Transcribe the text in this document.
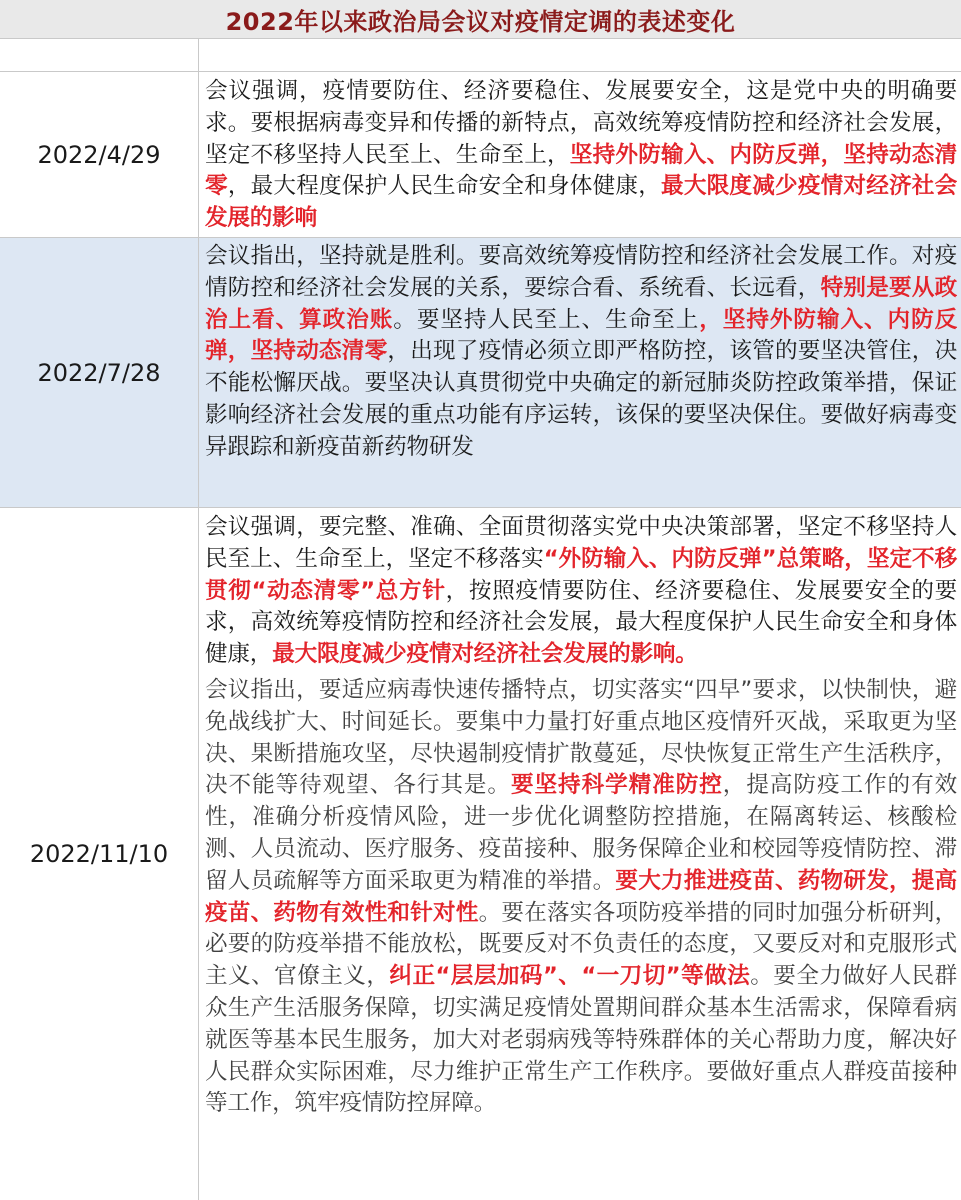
2022年以来政治局会议对疫情定调的表述变化
2022/4/29
会议强调，疫情要防住、经济要稳住、发展要安全，这是党中央的明确要求。要根据病毒变异和传播的新特点，高效统筹疫情防控和经济社会发展，坚定不移坚持人民至上、生命至上，坚持外防输入、内防反弹，坚持动态清零，最大程度保护人民生命安全和身体健康，最大限度减少疫情对经济社会发展的影响
2022/7/28
会议指出，坚持就是胜利。要高效统筹疫情防控和经济社会发展工作。对疫情防控和经济社会发展的关系，要综合看、系统看、长远看，特别是要从政治上看、算政治账。要坚持人民至上、生命至上，坚持外防输入、内防反弹，坚持动态清零，出现了疫情必须立即严格防控，该管的要坚决管住，决不能松懈厌战。要坚决认真贯彻党中央确定的新冠肺炎防控政策举措，保证影响经济社会发展的重点功能有序运转，该保的要坚决保住。要做好病毒变异跟踪和新疫苗新药物研发
2022/11/10
会议强调，要完整、准确、全面贯彻落实党中央决策部署，坚定不移坚持人民至上、生命至上，坚定不移落实“外防输入、内防反弹”总策略，坚定不移贯彻“动态清零”总方针，按照疫情要防住、经济要稳住、发展要安全的要求，高效统筹疫情防控和经济社会发展，最大程度保护人民生命安全和身体健康，最大限度减少疫情对经济社会发展的影响。
会议指出，要适应病毒快速传播特点，切实落实“四早”要求，以快制快，避免战线扩大、时间延长。要集中力量打好重点地区疫情歼灭战，采取更为坚决、果断措施攻坚，尽快遏制疫情扩散蔓延，尽快恢复正常生产生活秩序，决不能等待观望、各行其是。要坚持科学精准防控，提高防疫工作的有效性，准确分析疫情风险，进一步优化调整防控措施，在隔离转运、核酸检测、人员流动、医疗服务、疫苗接种、服务保障企业和校园等疫情防控、滞留人员疏解等方面采取更为精准的举措。要大力推进疫苗、药物研发，提高疫苗、药物有效性和针对性。要在落实各项防疫举措的同时加强分析研判，必要的防疫举措不能放松，既要反对不负责任的态度，又要反对和克服形式主义、官僚主义，纠正“层层加码”、“一刀切”等做法。要全力做好人民群众生产生活服务保障，切实满足疫情处置期间群众基本生活需求，保障看病就医等基本民生服务，加大对老弱病残等特殊群体的关心帮助力度，解决好人民群众实际困难，尽力维护正常生产工作秩序。要做好重点人群疫苗接种等工作，筑牢疫情防控屏障。
